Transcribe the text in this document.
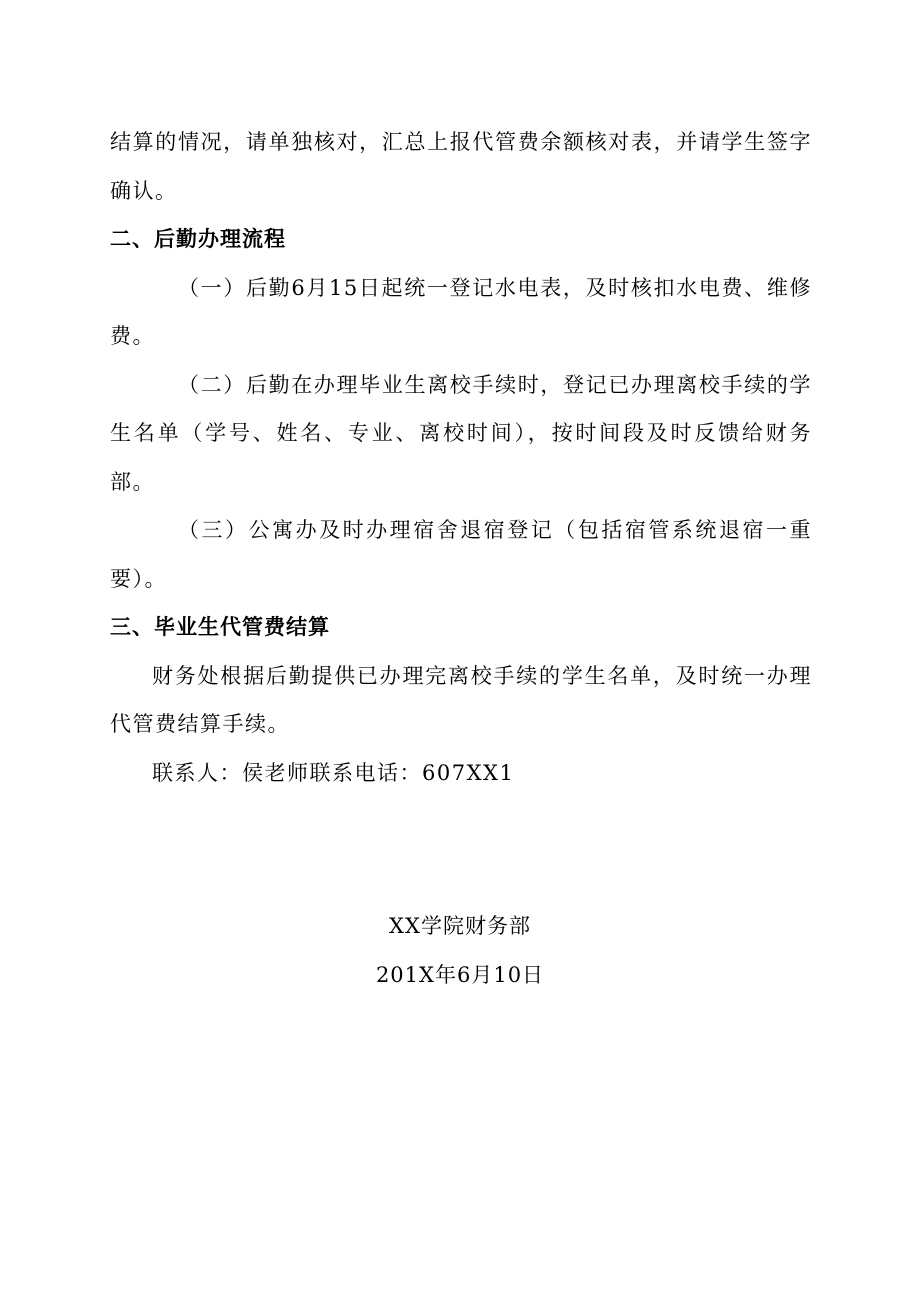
结算的情况，请单独核对，汇总上报代管费余额核对表，并请学生签字确认。

二、后勤办理流程

（一）后勤6月15日起统一登记水电表，及时核扣水电费、维修费。

（二）后勤在办理毕业生离校手续时，登记已办理离校手续的学生名单（学号、姓名、专业、离校时间），按时间段及时反馈给财务部。

（三）公寓办及时办理宿舍退宿登记（包括宿管系统退宿一重要）。

三、毕业生代管费结算

财务处根据后勤提供已办理完离校手续的学生名单，及时统一办理代管费结算手续。

联系人：侯老师联系电话：607XX1

XX学院财务部
201X年6月10日
